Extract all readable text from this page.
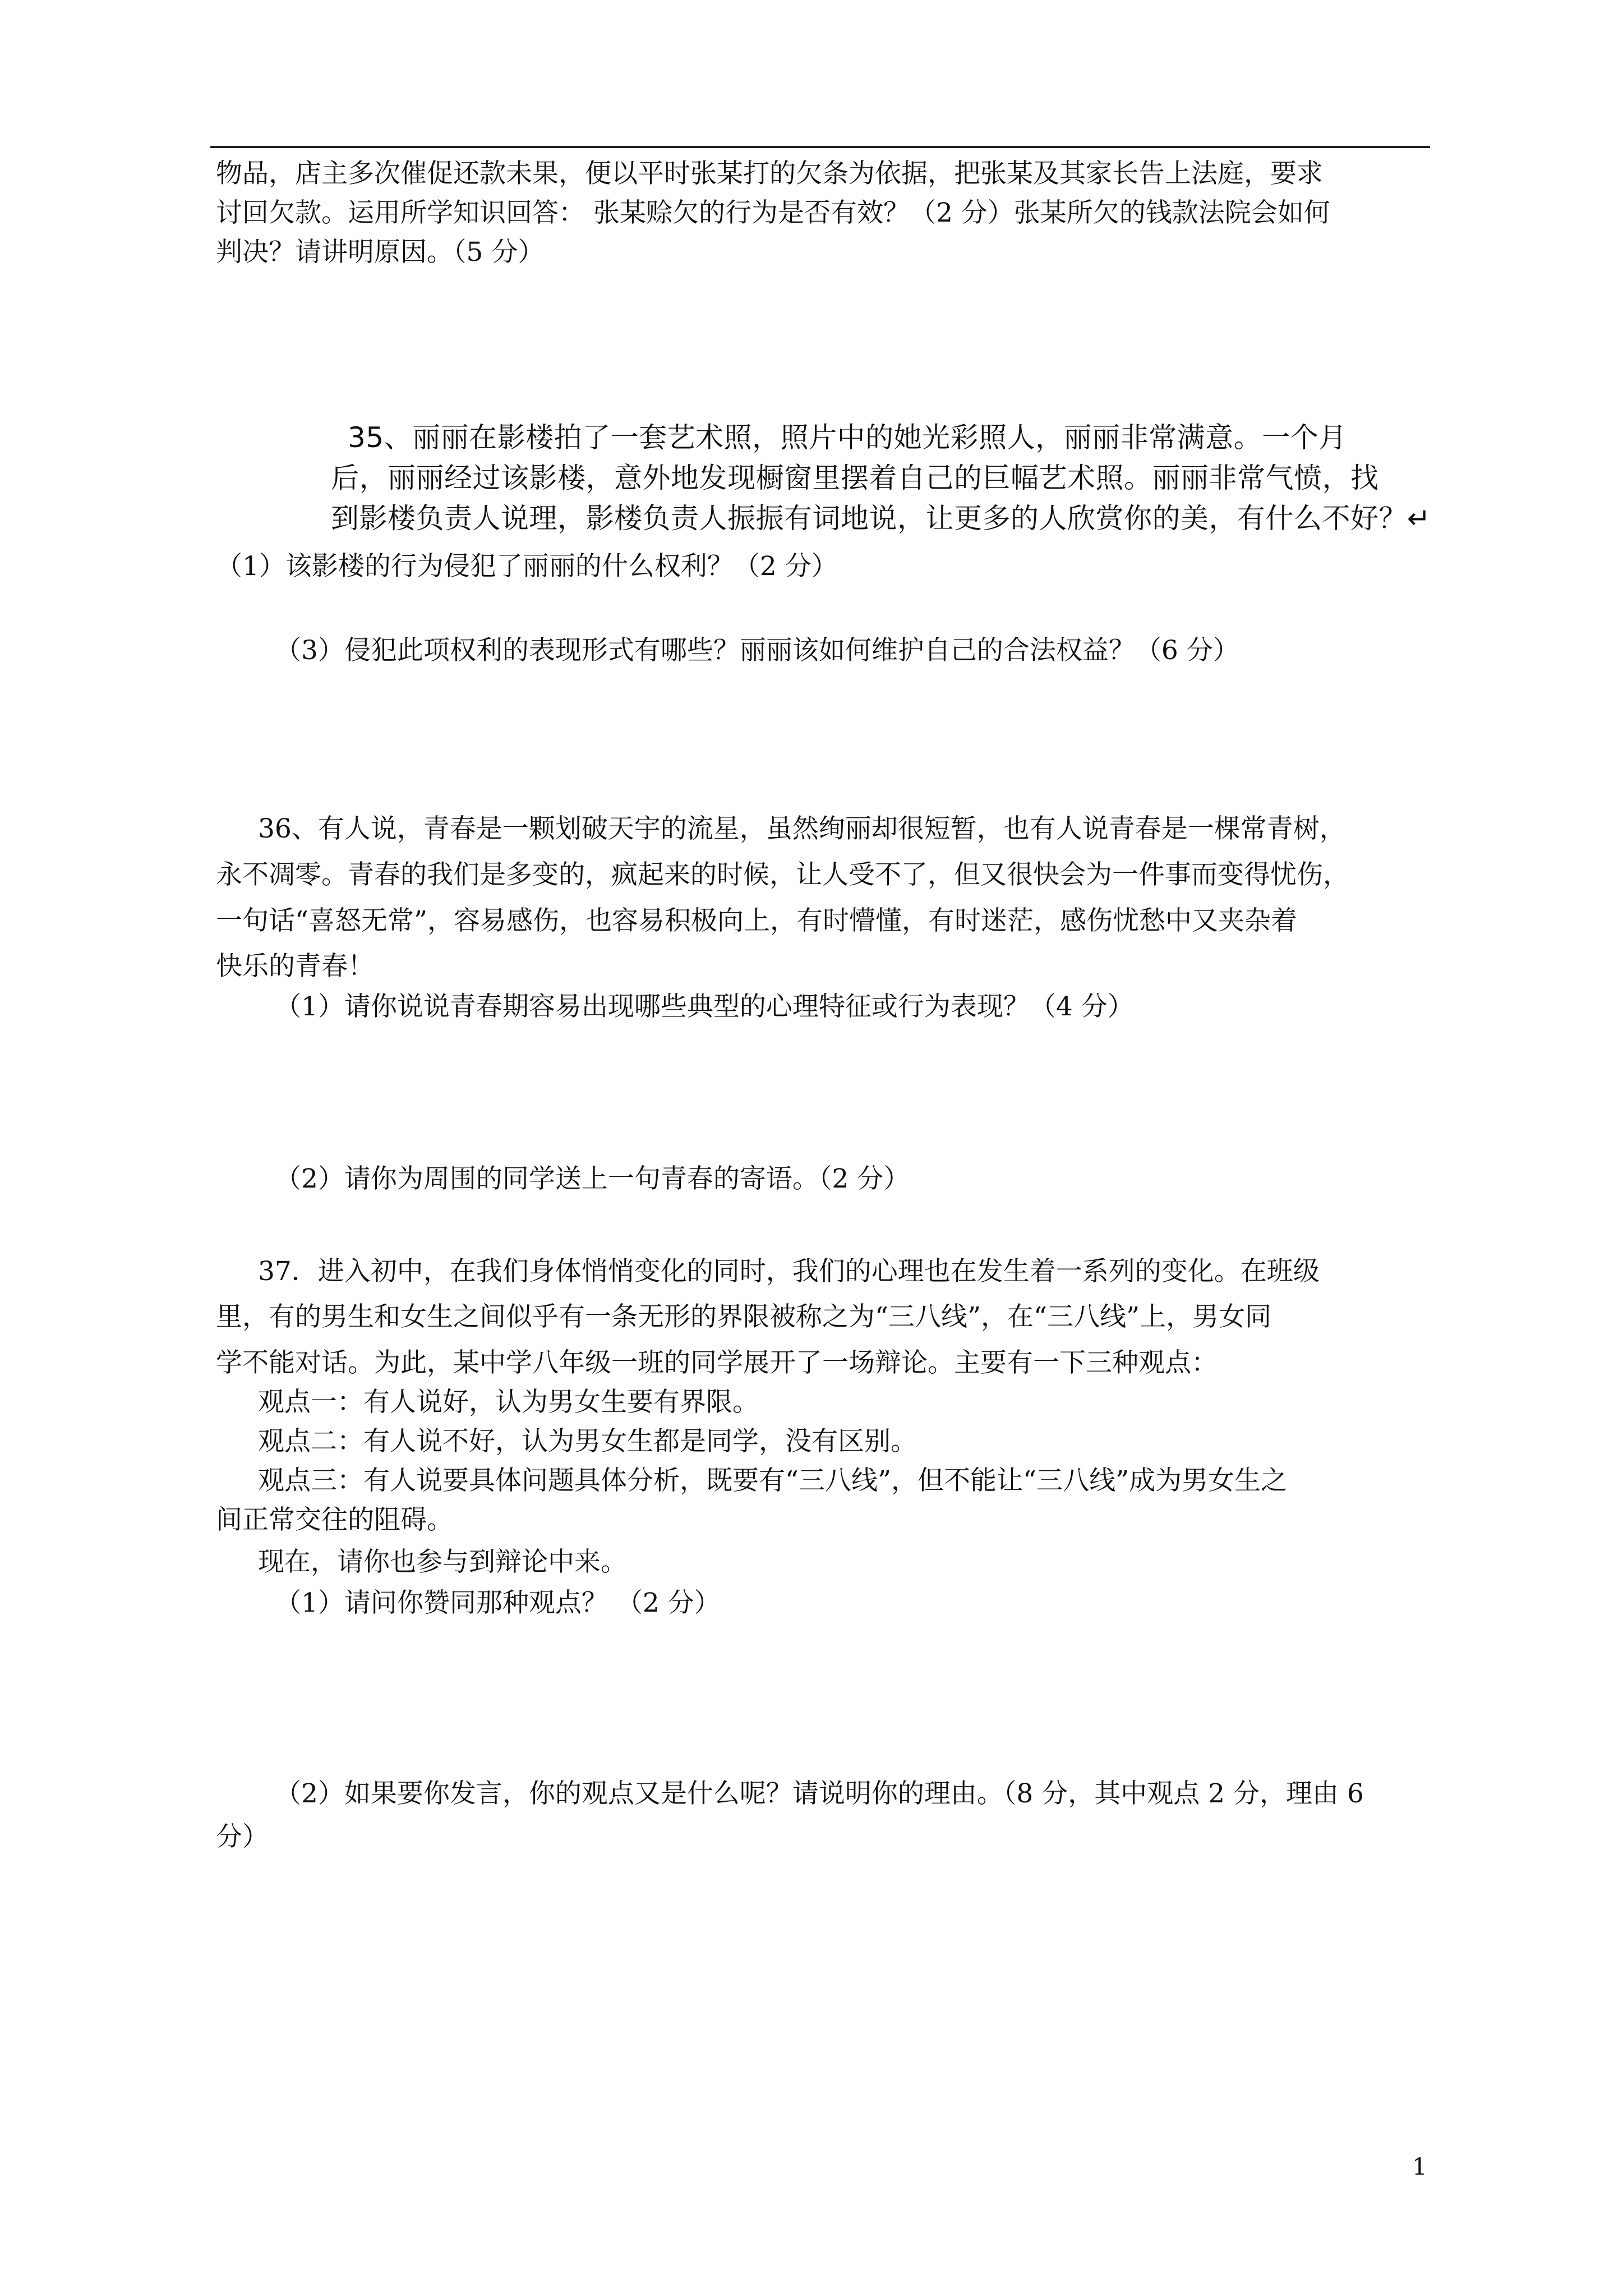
物品，店主多次催促还款未果，便以平时张某打的欠条为依据，把张某及其家长告上法庭，要求
讨回欠款。运用所学知识回答： 张某赊欠的行为是否有效？（2 分）张某所欠的钱款法院会如何
判决？请讲明原因。（5 分）
35、丽丽在影楼拍了一套艺术照，照片中的她光彩照人，丽丽非常满意。一个月
后，丽丽经过该影楼，意外地发现橱窗里摆着自己的巨幅艺术照。丽丽非常气愤，找
到影楼负责人说理，影楼负责人振振有词地说，让更多的人欣赏你的美，有什么不好？↵
（1）该影楼的行为侵犯了丽丽的什么权利？（2 分）
（3）侵犯此项权利的表现形式有哪些？丽丽该如何维护自己的合法权益？（6 分）
36、有人说，青春是一颗划破天宇的流星，虽然绚丽却很短暂，也有人说青春是一棵常青树，
永不凋零。青春的我们是多变的，疯起来的时候，让人受不了，但又很快会为一件事而变得忧伤，
一句话“喜怒无常”，容易感伤，也容易积极向上，有时懵懂，有时迷茫，感伤忧愁中又夹杂着
快乐的青春！
（1）请你说说青春期容易出现哪些典型的心理特征或行为表现？（4 分）
（2）请你为周围的同学送上一句青春的寄语。（2 分）
37．进入初中，在我们身体悄悄变化的同时，我们的心理也在发生着一系列的变化。在班级
里，有的男生和女生之间似乎有一条无形的界限被称之为“三八线”，在“三八线”上，男女同
学不能对话。为此，某中学八年级一班的同学展开了一场辩论。主要有一下三种观点：
观点一：有人说好，认为男女生要有界限。
观点二：有人说不好，认为男女生都是同学，没有区别。
观点三：有人说要具体问题具体分析，既要有“三八线”，但不能让“三八线”成为男女生之
间正常交往的阻碍。
现在，请你也参与到辩论中来。
（1）请问你赞同那种观点？ （2 分）
（2）如果要你发言，你的观点又是什么呢？请说明你的理由。（8 分，其中观点 2 分，理由 6
分）
1
